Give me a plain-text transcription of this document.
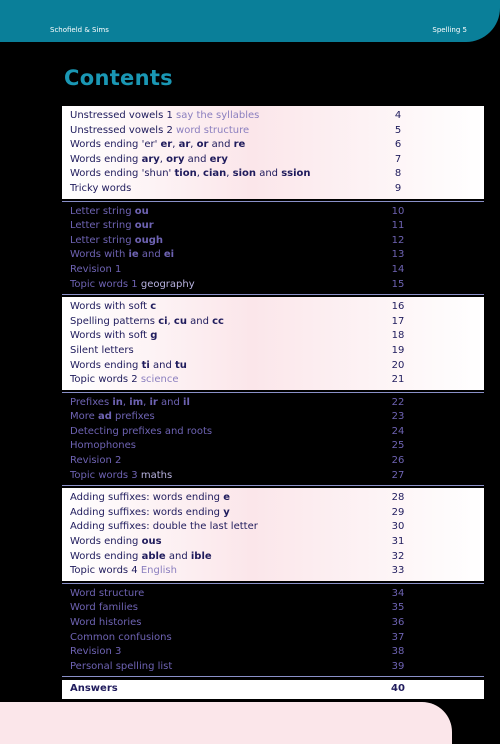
Schofield & Sims	Spelling 5
Contents
Unstressed vowels 1 say the syllables	4
Unstressed vowels 2 word structure	5
Words ending 'er' er, ar, or and re	6
Words ending ary, ory and ery	7
Words ending 'shun' tion, cian, sion and ssion	8
Tricky words	9
Letter string ou	10
Letter string our	11
Letter string ough	12
Words with ie and ei	13
Revision 1	14
Topic words 1 geography	15
Words with soft c	16
Spelling patterns ci, cu and cc	17
Words with soft g	18
Silent letters	19
Words ending ti and tu	20
Topic words 2 science	21
Prefixes in, im, ir and il	22
More ad prefixes	23
Detecting prefixes and roots	24
Homophones	25
Revision 2	26
Topic words 3 maths	27
Adding suffixes: words ending e	28
Adding suffixes: words ending y	29
Adding suffixes: double the last letter	30
Words ending ous	31
Words ending able and ible	32
Topic words 4 English	33
Word structure	34
Word families	35
Word histories	36
Common confusions	37
Revision 3	38
Personal spelling list	39
Answers	40
